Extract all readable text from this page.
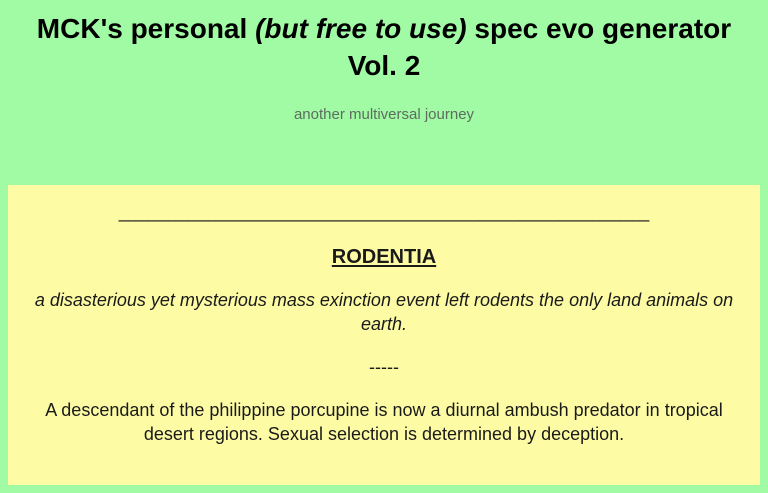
MCK's personal (but free to use) spec evo generator Vol. 2
another multiversal journey

_____________________________________________________

RODENTIA

a disasterious yet mysterious mass exinction event left rodents the only land animals on earth.

-----

A descendant of the philippine porcupine is now a diurnal ambush predator in tropical desert regions. Sexual selection is determined by deception.
